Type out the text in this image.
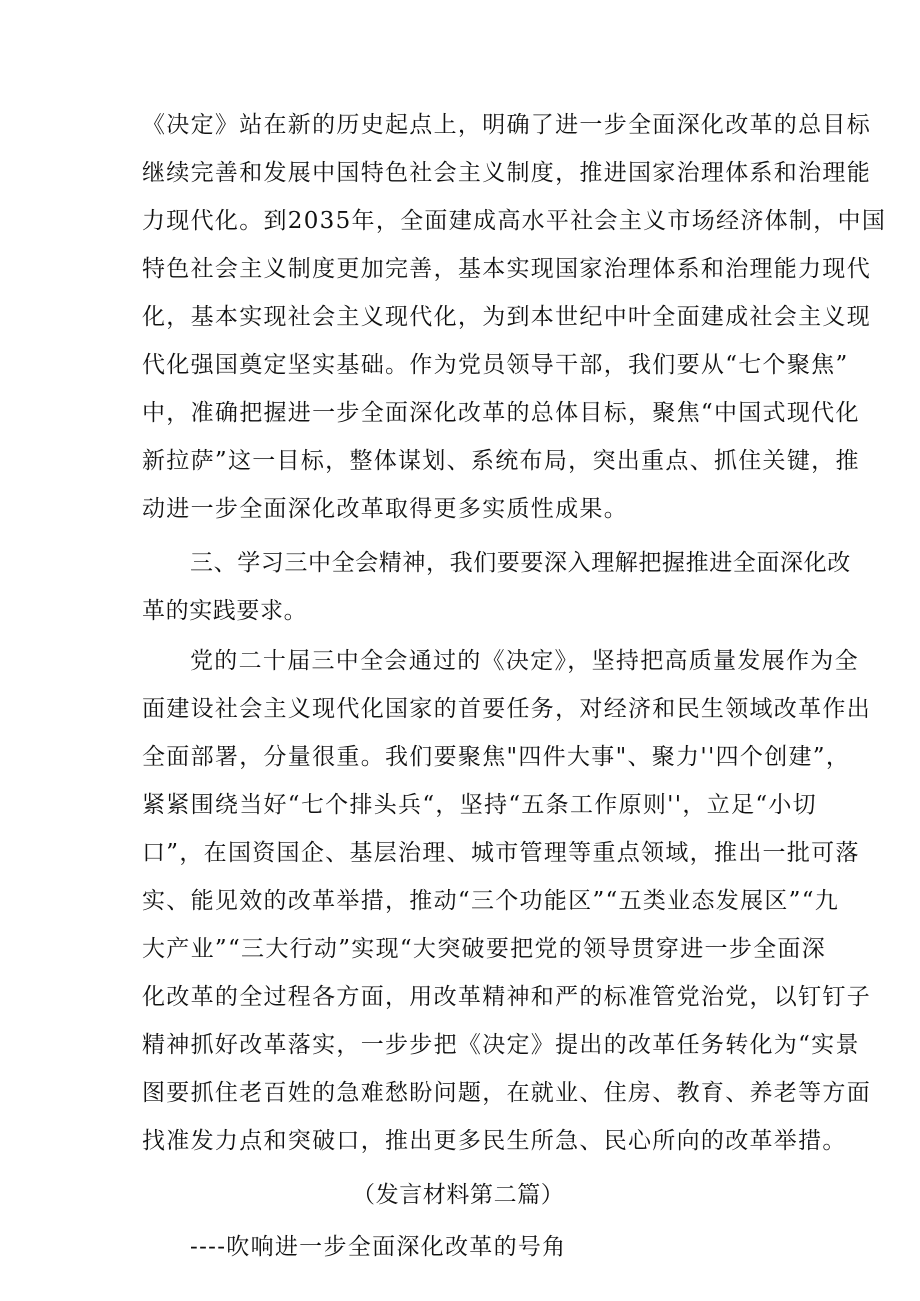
《决定》站在新的历史起点上，明确了进一步全面深化改革的总目标
继续完善和发展中国特色社会主义制度，推进国家治理体系和治理能
力现代化。到2035年，全面建成高水平社会主义市场经济体制，中国
特色社会主义制度更加完善，基本实现国家治理体系和治理能力现代
化，基本实现社会主义现代化，为到本世纪中叶全面建成社会主义现
代化强国奠定坚实基础。作为党员领导干部，我们要从“七个聚焦”
中，准确把握进一步全面深化改革的总体目标，聚焦“中国式现代化
新拉萨”这一目标，整体谋划、系统布局，突出重点、抓住关键，推
动进一步全面深化改革取得更多实质性成果。
三、学习三中全会精神，我们要要深入理解把握推进全面深化改
革的实践要求。
党的二十届三中全会通过的《决定》，坚持把高质量发展作为全
面建设社会主义现代化国家的首要任务，对经济和民生领域改革作出
全面部署，分量很重。我们要聚焦"四件大事"、聚力''四个创建”，
紧紧围绕当好“七个排头兵“，坚持“五条工作原则''，立足“小切
口”，在国资国企、基层治理、城市管理等重点领域，推出一批可落
实、能见效的改革举措，推动“三个功能区”“五类业态发展区”“九
大产业”“三大行动”实现“大突破要把党的领导贯穿进一步全面深
化改革的全过程各方面，用改革精神和严的标准管党治党，以钉钉子
精神抓好改革落实，一步步把《决定》提出的改革任务转化为“实景
图要抓住老百姓的急难愁盼问题，在就业、住房、教育、养老等方面
找准发力点和突破口，推出更多民生所急、民心所向的改革举措。
（发言材料第二篇）
----吹响进一步全面深化改革的号角
